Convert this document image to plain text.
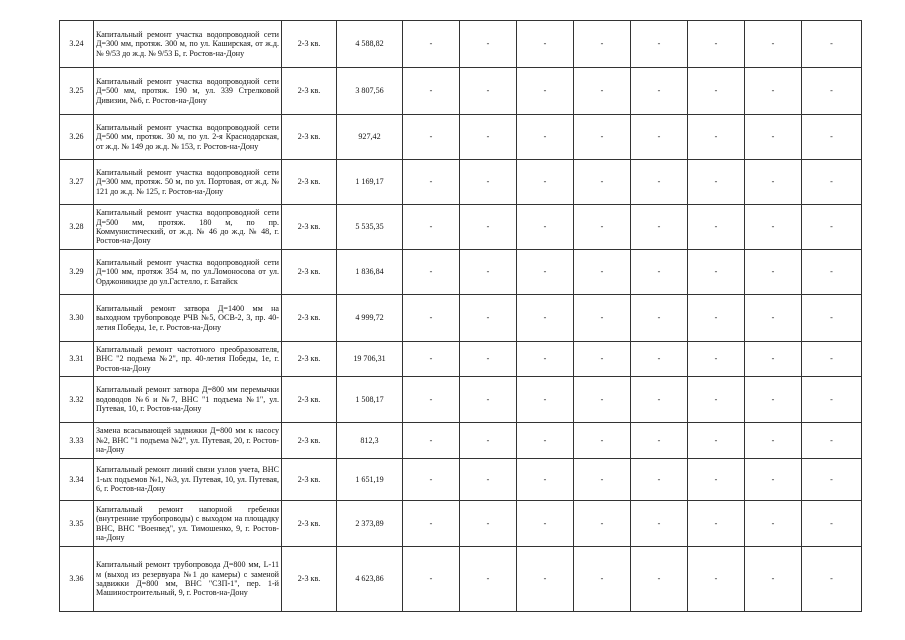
3.24	Капитальный ремонт участка водопроводной сети Д=300 мм, протяж. 300 м, по ул. Каширская, от ж.д. № 9/53 до ж.д. № 9/53 Б, г. Ростов-на-Дону	2-3 кв.	4 588,82	-	-	-	-	-	-	-	-
3.25	Капитальный ремонт участка водопроводной сети Д=500 мм, протяж. 190 м, ул. 339 Стрелковой Дивизии, №6, г. Ростов-на-Дону	2-3 кв.	3 807,56	-	-	-	-	-	-	-	-
3.26	Капитальный ремонт участка водопроводной сети Д=500 мм, протяж. 30 м, по ул. 2-я Краснодарская, от ж.д. № 149 до ж.д. № 153, г. Ростов-на-Дону	2-3 кв.	927,42	-	-	-	-	-	-	-	-
3.27	Капитальный ремонт участка водопроводной сети Д=300 мм, протяж. 50 м, по ул. Портовая, от ж.д. № 121 до ж.д. № 125, г. Ростов-на-Дону	2-3 кв.	1 169,17	-	-	-	-	-	-	-	-
3.28	Капитальный ремонт участка водопроводной сети Д=500 мм, протяж. 180 м, по пр. Коммунистический, от ж.д. № 46 до ж.д. № 48, г. Ростов-на-Дону	2-3 кв.	5 535,35	-	-	-	-	-	-	-	-
3.29	Капитальный ремонт участка водопроводной сети Д=100 мм, протяж 354 м, по ул.Ломоносова от ул. Орджоникидзе до ул.Гастелло, г. Батайск	2-3 кв.	1 836,84	-	-	-	-	-	-	-	-
3.30	Капитальный ремонт затвора Д=1400 мм на выходном трубопроводе РЧВ №5, ОСВ-2, 3, пр. 40-летия Победы, 1е, г. Ростов-на-Дону	2-3 кв.	4 999,72	-	-	-	-	-	-	-	-
3.31	Капитальный ремонт частотного преобразователя, ВНС "2 подъема №2", пр. 40-летия Победы, 1е, г. Ростов-на-Дону	2-3 кв.	19 706,31	-	-	-	-	-	-	-	-
3.32	Капитальный ремонт затвора Д=800 мм перемычки водоводов №6 и №7, ВНС "1 подъема №1", ул. Путевая, 10, г. Ростов-на-Дону	2-3 кв.	1 508,17	-	-	-	-	-	-	-	-
3.33	Замена всасывающей задвижки Д=800 мм к насосу №2, ВНС "1 подъема №2", ул. Путевая, 20, г. Ростов-на-Дону	2-3 кв.	812,3	-	-	-	-	-	-	-	-
3.34	Капитальный ремонт линий связи узлов учета, ВНС 1-ых подъемов №1, №3, ул. Путевая, 10, ул. Путевая, 6, г. Ростов-на-Дону	2-3 кв.	1 651,19	-	-	-	-	-	-	-	-
3.35	Капитальный ремонт напорной гребенки (внутренние трубопроводы) с выходом на площадку ВНС, ВНС "Военвед", ул. Тимошенко, 9, г. Ростов-на-Дону	2-3 кв.	2 373,89	-	-	-	-	-	-	-	-
3.36	Капитальный ремонт трубопровода Д=800 мм, L-11 м (выход из резервуара №1 до камеры) с заменой задвижки Д=800 мм, ВНС "СЗП-1", пер. 1-й Машиностроительный, 9, г. Ростов-на-Дону	2-3 кв.	4 623,86	-	-	-	-	-	-	-	-
